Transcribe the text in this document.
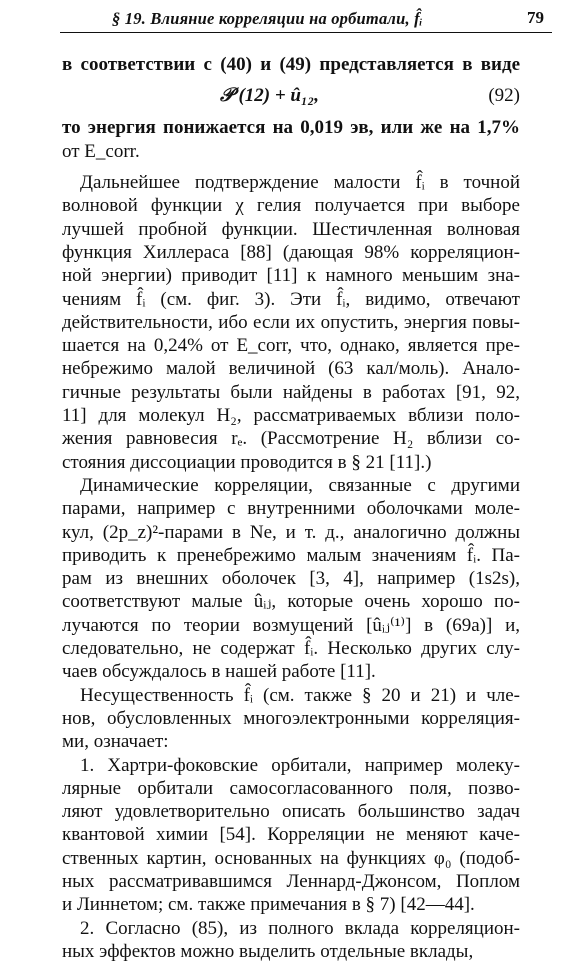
§ 19. Влияние корреляции на орбитали, f̂ᵢ	79
в соответствии с (40) и (49) представляется в виде
𝒫 (12) + û₁₂,	(92)
то энергия понижается на 0,019 эв, или же на 1,7%
от E_corr.
Дальнейшее подтверждение малости f̂ᵢ в точной
волновой функции χ гелия получается при выборе
лучшей пробной функции. Шестичленная волновая
функция Хиллераса [88] (дающая 98% корреляцион-
ной энергии) приводит [11] к намного меньшим зна-
чениям f̂ᵢ (см. фиг. 3). Эти f̂ᵢ, видимо, отвечают
действительности, ибо если их опустить, энергия повы-
шается на 0,24% от E_corr, что, однако, является пре-
небрежимо малой величиной (63 кал/моль). Анало-
гичные результаты были найдены в работах [91, 92,
11] для молекул H₂, рассматриваемых вблизи поло-
жения равновесия rₑ. (Рассмотрение H₂ вблизи со-
стояния диссоциации проводится в § 21 [11].)
Динамические корреляции, связанные с другими
парами, например с внутренними оболочками моле-
кул, (2p_z)²-парами в Ne, и т. д., аналогично должны
приводить к пренебрежимо малым значениям f̂ᵢ. Па-
рам из внешних оболочек [3, 4], например (1s2s),
соответствуют малые ûᵢⱼ, которые очень хорошо по-
лучаются по теории возмущений [ûᵢⱼ⁽¹⁾] в (69а)] и,
следовательно, не содержат f̂ᵢ. Несколько других слу-
чаев обсуждалось в нашей работе [11].
Несущественность f̂ᵢ (см. также § 20 и 21) и чле-
нов, обусловленных многоэлектронными корреляция-
ми, означает:
1. Хартри-фоковские орбитали, например молеку-
лярные орбитали самосогласованного поля, позво-
ляют удовлетворительно описать большинство задач
квантовой химии [54]. Корреляции не меняют каче-
ственных картин, основанных на функциях φ₀ (подоб-
ных рассматривавшимся Леннард-Джонсом, Поплом
и Линнетом; см. также примечания в § 7) [42—44].
2. Согласно (85), из полного вклада корреляцион-
ных эффектов можно выделить отдельные вклады,
